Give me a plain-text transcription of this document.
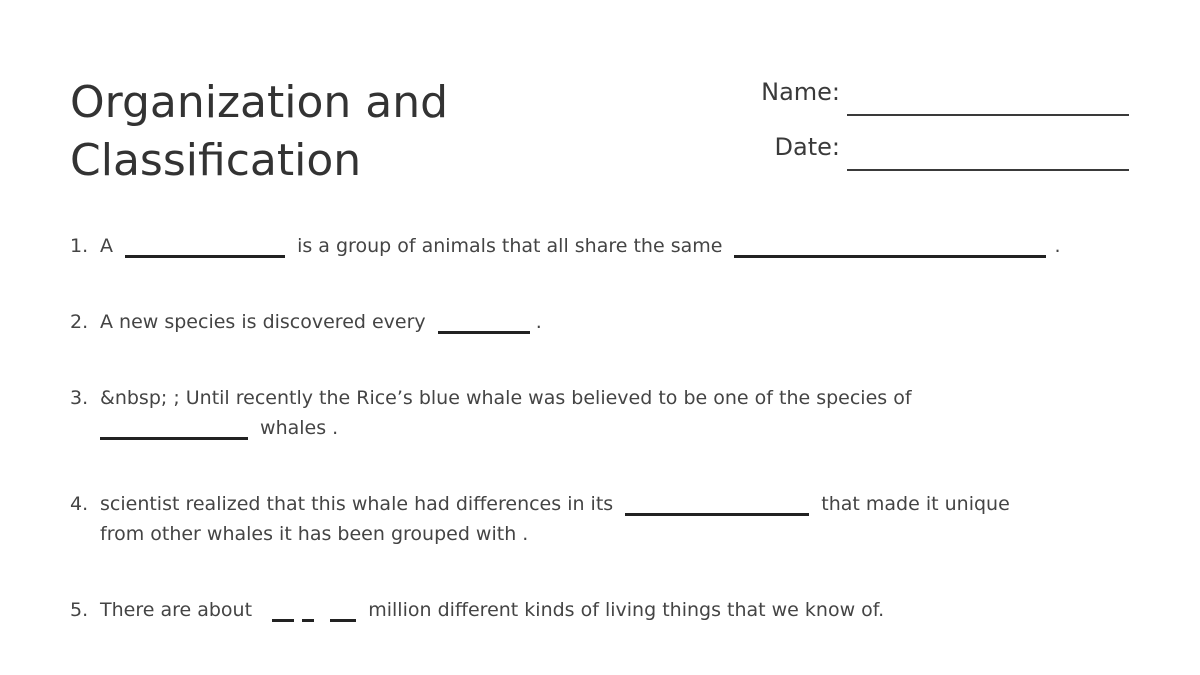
Organization and
Classification
Name:
Date:
1. A	is a group of animals that all share the same	.
2. A new species is discovered every	.
3. &nbsp; ; Until recently the Rice’s blue whale was believed to be one of the species of
whales .
4. scientist realized that this whale had differences in its	that made it unique
from other whales it has been grouped with .
5. There are about	million different kinds of living things that we know of.
